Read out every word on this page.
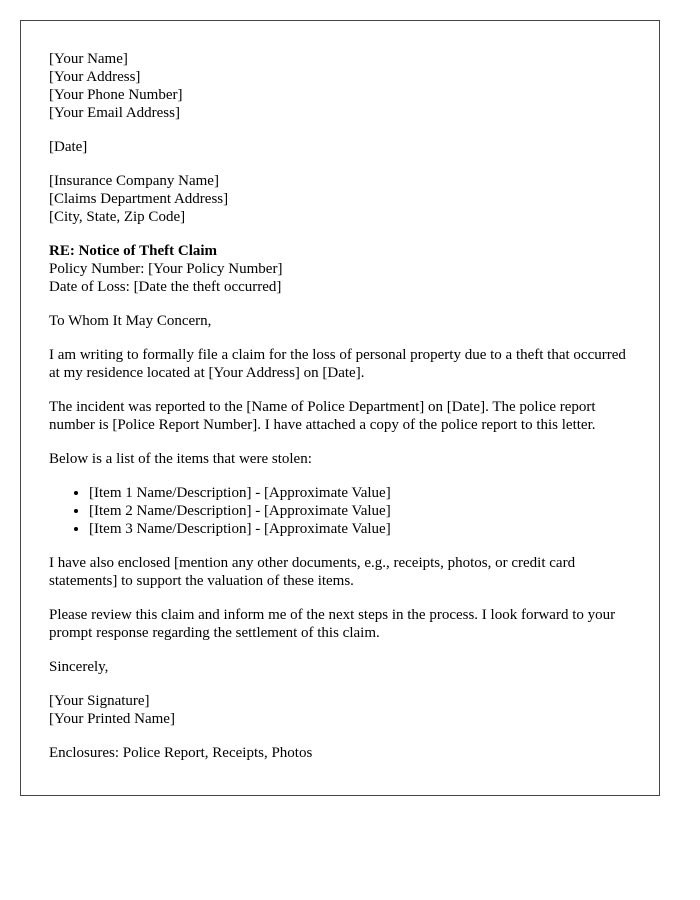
[Your Name]
[Your Address]
[Your Phone Number]
[Your Email Address]
[Date]
[Insurance Company Name]
[Claims Department Address]
[City, State, Zip Code]
RE: Notice of Theft Claim
Policy Number: [Your Policy Number]
Date of Loss: [Date the theft occurred]

To Whom It May Concern,

I am writing to formally file a claim for the loss of personal property due to a theft that occurred at my residence located at [Your Address] on [Date].

The incident was reported to the [Name of Police Department] on [Date]. The police report number is [Police Report Number]. I have attached a copy of the police report to this letter.

Below is a list of the items that were stolen:

• [Item 1 Name/Description] - [Approximate Value]
• [Item 2 Name/Description] - [Approximate Value]
• [Item 3 Name/Description] - [Approximate Value]

I have also enclosed [mention any other documents, e.g., receipts, photos, or credit card statements] to support the valuation of these items.

Please review this claim and inform me of the next steps in the process. I look forward to your prompt response regarding the settlement of this claim.

Sincerely,

[Your Signature]
[Your Printed Name]

Enclosures: Police Report, Receipts, Photos
